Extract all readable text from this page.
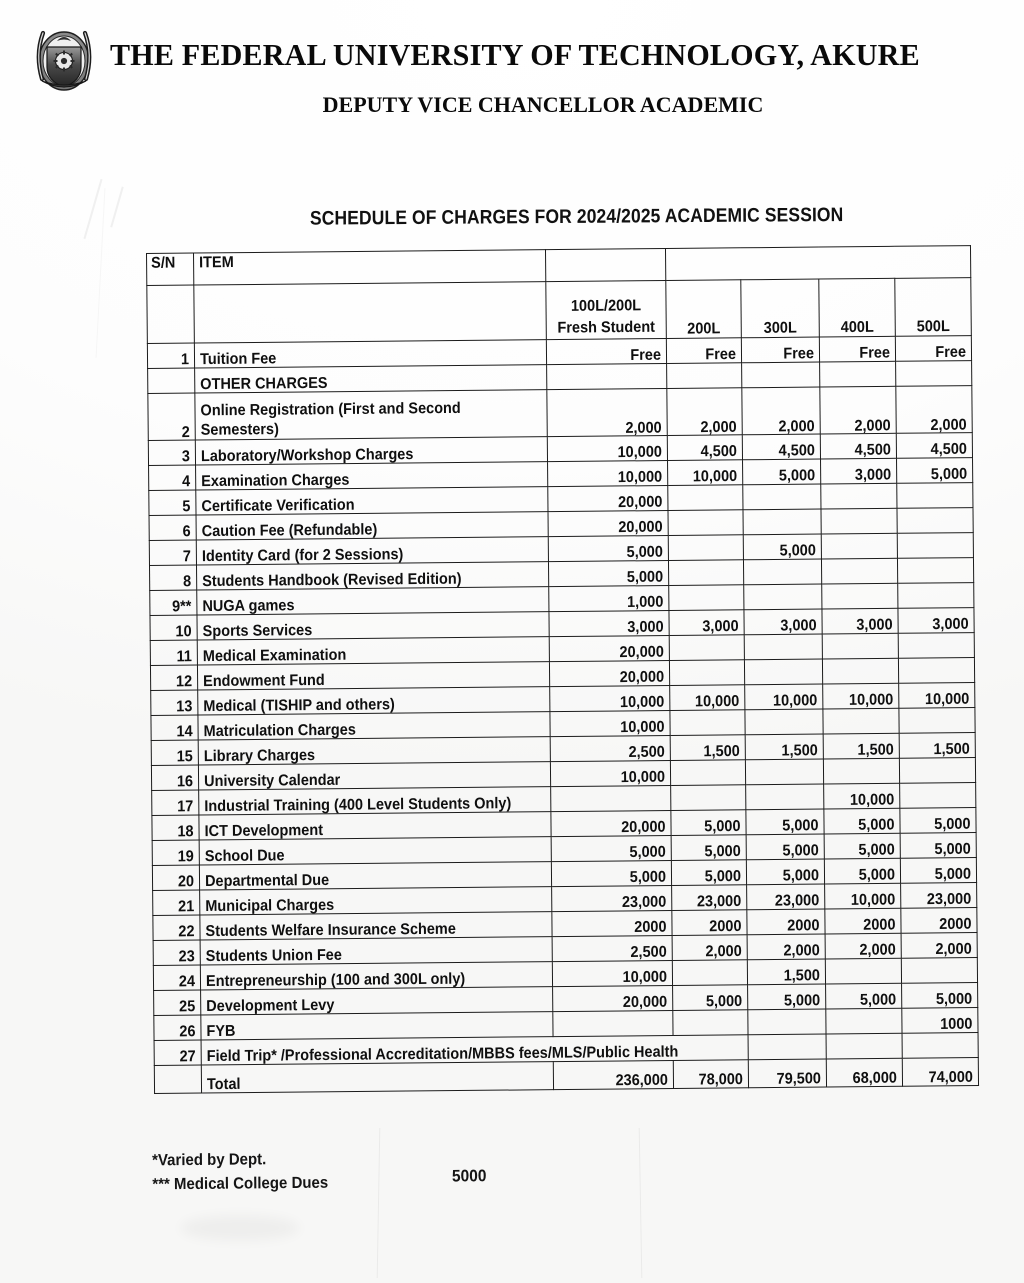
THE FEDERAL UNIVERSITY OF TECHNOLOGY, AKURE
DEPUTY VICE CHANCELLOR ACADEMIC
SCHEDULE OF CHARGES FOR 2024/2025 ACADEMIC SESSION
S/N	ITEM					
		100L/200L
Fresh Student	200L	300L	400L	500L
1	Tuition Fee	Free	Free	Free	Free	Free
	OTHER CHARGES					
2	Online Registration (First and Second
Semesters)	2,000	2,000	2,000	2,000	2,000
3	Laboratory/Workshop Charges	10,000	4,500	4,500	4,500	4,500
4	Examination Charges	10,000	10,000	5,000	3,000	5,000
5	Certificate Verification	20,000				
6	Caution Fee (Refundable)	20,000				
7	Identity Card (for 2 Sessions)	5,000		5,000		
8	Students Handbook (Revised Edition)	5,000				
9**	NUGA games	1,000				
10	Sports Services	3,000	3,000	3,000	3,000	3,000
11	Medical Examination	20,000				
12	Endowment Fund	20,000				
13	Medical (TISHIP and others)	10,000	10,000	10,000	10,000	10,000
14	Matriculation Charges	10,000				
15	Library Charges	2,500	1,500	1,500	1,500	1,500
16	University Calendar	10,000				
17	Industrial Training (400 Level Students Only)				10,000	
18	ICT Development	20,000	5,000	5,000	5,000	5,000
19	School Due	5,000	5,000	5,000	5,000	5,000
20	Departmental Due	5,000	5,000	5,000	5,000	5,000
21	Municipal Charges	23,000	23,000	23,000	10,000	23,000
22	Students Welfare Insurance Scheme	2000	2000	2000	2000	2000
23	Students Union Fee	2,500	2,000	2,000	2,000	2,000
24	Entrepreneurship (100 and 300L only)	10,000		1,500		
25	Development Levy	20,000	5,000	5,000	5,000	5,000
26	FYB					1000
27	Field Trip* /Professional Accreditation/MBBS fees/MLS/Public Health					
	Total	236,000	78,000	79,500	68,000	74,000
*Varied by Dept.
*** Medical College Dues	5000
